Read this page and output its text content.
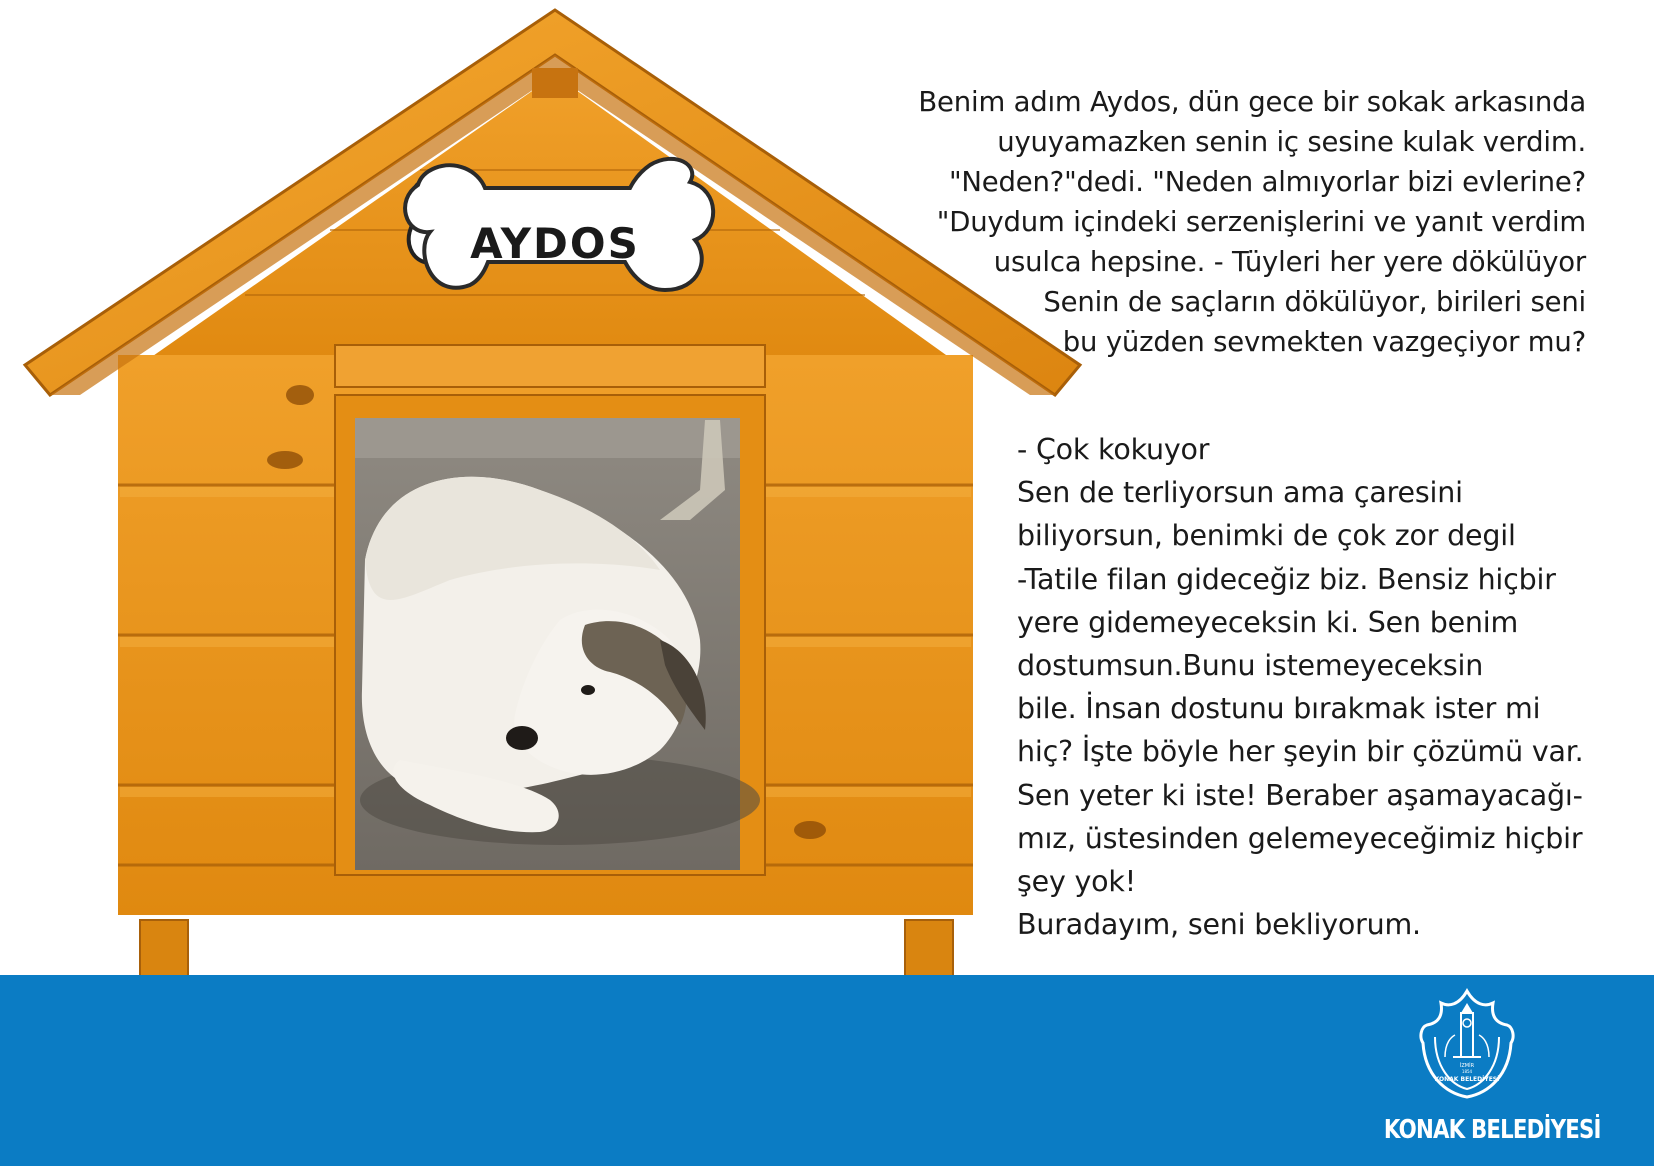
AYDOS
Benim adım Aydos, dün gece bir sokak arkasında
uyuyamazken senin iç sesine kulak verdim.
"Neden?"dedi. "Neden almıyorlar bizi evlerine?
"Duydum içindeki serzenişlerini ve yanıt verdim
usulca hepsine. - Tüyleri her yere dökülüyor
Senin de saçların dökülüyor, birileri seni
bu yüzden sevmekten vazgeçiyor mu?
- Çok kokuyor
Sen de terliyorsun ama çaresini
biliyorsun, benimki de çok zor degil
-Tatile filan gideceğiz biz. Bensiz hiçbir
yere gidemeyeceksin ki. Sen benim
dostumsun.Bunu istemeyeceksin
bile. İnsan dostunu bırakmak ister mi
hiç? İşte böyle her şeyin bir çözümü var.
Sen yeter ki iste! Beraber aşamayacağı-
mız, üstesinden gelemeyeceğimiz hiçbir
şey yok!
Buradayım, seni bekliyorum.
İZMİR
1854
KONAK BELEDİYESİ
KONAK BELEDİYESİ
